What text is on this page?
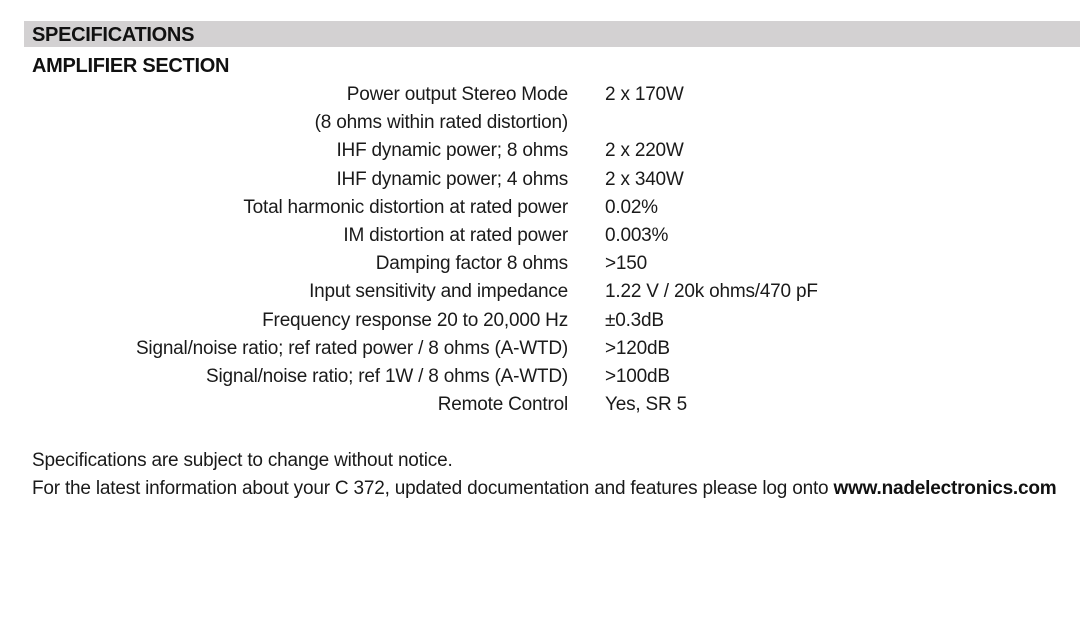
SPECIFICATIONS
AMPLIFIER SECTION
Power output Stereo Mode 2 x 170W
(8 ohms within rated distortion)
IHF dynamic power; 8 ohms 2 x 220W
IHF dynamic power; 4 ohms 2 x 340W
Total harmonic distortion at rated power 0.02%
IM distortion at rated power 0.003%
Damping factor 8 ohms >150
Input sensitivity and impedance 1.22 V / 20k ohms/470 pF
Frequency response 20 to 20,000 Hz ±0.3dB
Signal/noise ratio; ref rated power / 8 ohms (A-WTD) >120dB
Signal/noise ratio; ref 1W / 8 ohms (A-WTD) >100dB
Remote Control Yes, SR 5
Specifications are subject to change without notice.
For the latest information about your C 372, updated documentation and features please log onto www.nadelectronics.com
